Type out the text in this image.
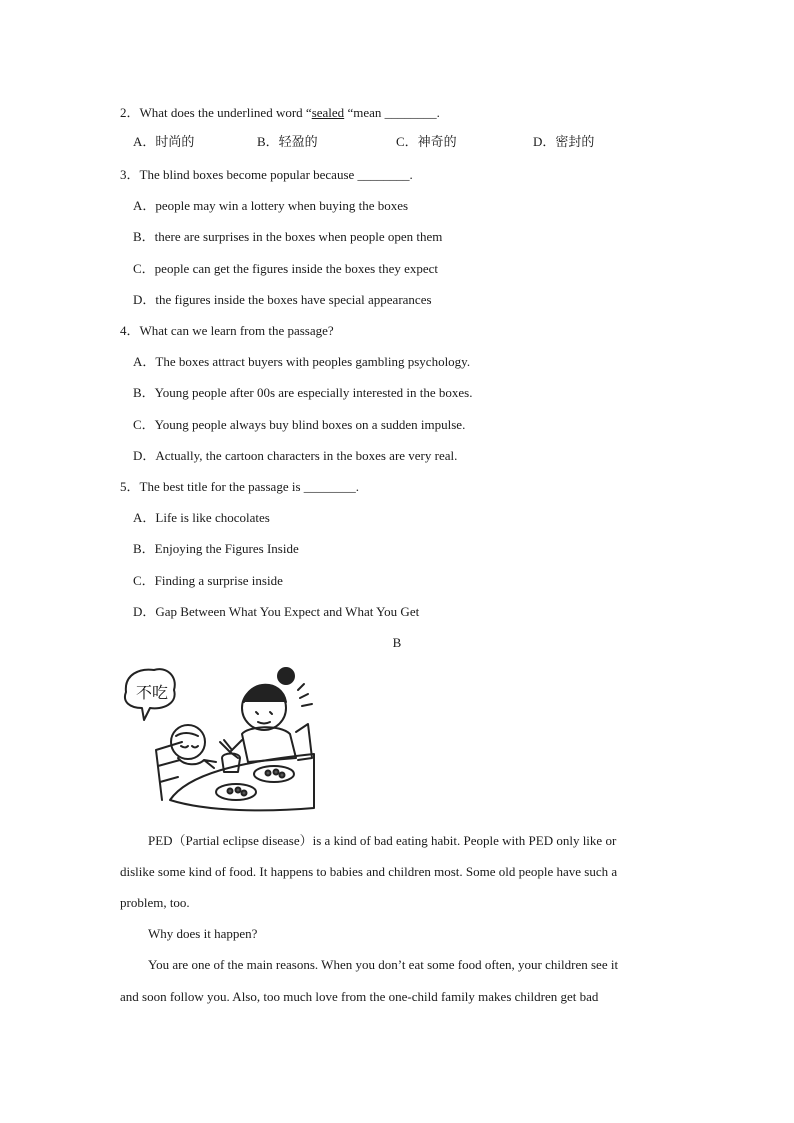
2．What does the underlined word “sealed “mean ________.
A．时尚的	B．轻盈的	C．神奇的	D．密封的
3．The blind boxes become popular because ________.
A．people may win a lottery when buying the boxes
B．there are surprises in the boxes when people open them
C．people can get the figures inside the boxes they expect
D．the figures inside the boxes have special appearances
4．What can we learn from the passage?
A．The boxes attract buyers with peoples gambling psychology.
B．Young people after 00s are especially interested in the boxes.
C．Young people always buy blind boxes on a sudden impulse.
D．Actually, the cartoon characters in the boxes are very real.
5．The best title for the passage is ________.
A．Life is like chocolates
B．Enjoying the Figures Inside
C．Finding a surprise inside
D．Gap Between What You Expect and What You Get
B
不吃
PED（Partial eclipse disease）is a kind of bad eating habit. People with PED only like or
dislike some kind of food. It happens to babies and children most. Some old people have such a
problem, too.
Why does it happen?
You are one of the main reasons. When you don’t eat some food often, your children see it
and soon follow you. Also, too much love from the one-child family makes children get bad
